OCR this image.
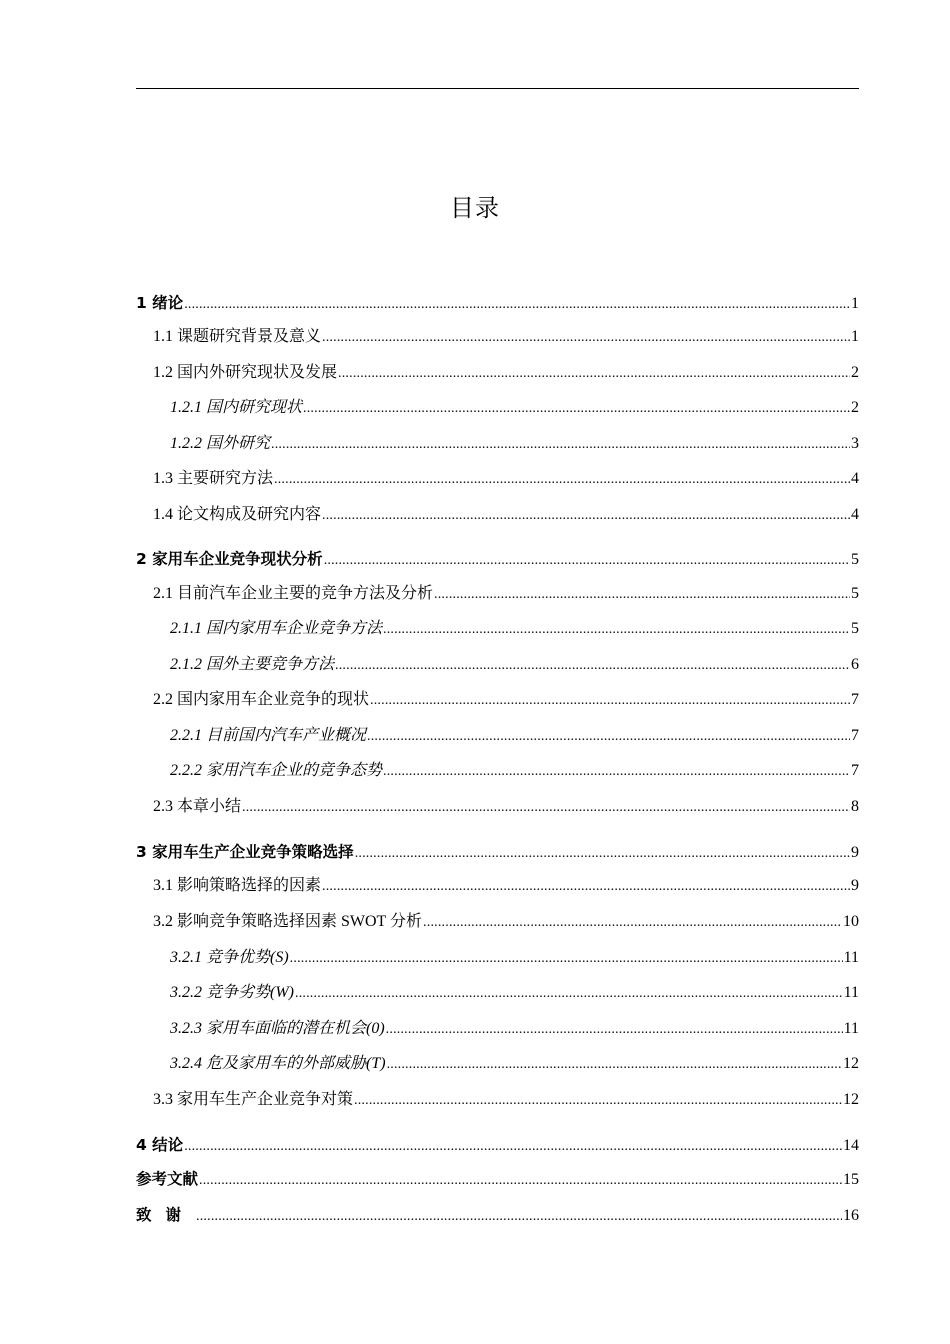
目录
1 绪论 .....	1
1.1 课题研究背景及意义 .....	1
1.2 国内外研究现状及发展 .....	2
1.2.1 国内研究现状 .....	2
1.2.2 国外研究 .....	3
1.3 主要研究方法 .....	4
1.4 论文构成及研究内容 .....	4
2 家用车企业竞争现状分析 .....	5
2.1 目前汽车企业主要的竞争方法及分析 .....	5
2.1.1 国内家用车企业竞争方法 .....	5
2.1.2 国外主要竞争方法 .....	6
2.2 国内家用车企业竞争的现状 .....	7
2.2.1 目前国内汽车产业概况 .....	7
2.2.2 家用汽车企业的竞争态势 .....	7
2.3 本章小结 .....	8
3 家用车生产企业竞争策略选择 .....	9
3.1 影响策略选择的因素 .....	9
3.2 影响竞争策略选择因素 SWOT 分析 .....	10
3.2.1 竞争优势(S) .....	11
3.2.2 竞争劣势(W) .....	11
3.2.3 家用车面临的潜在机会(0) .....	11
3.2.4 危及家用车的外部威胁(T) .....	12
3.3 家用车生产企业竞争对策 .....	12
4 结论 .....	14
参考文献 .....	15
致谢 .....	16
